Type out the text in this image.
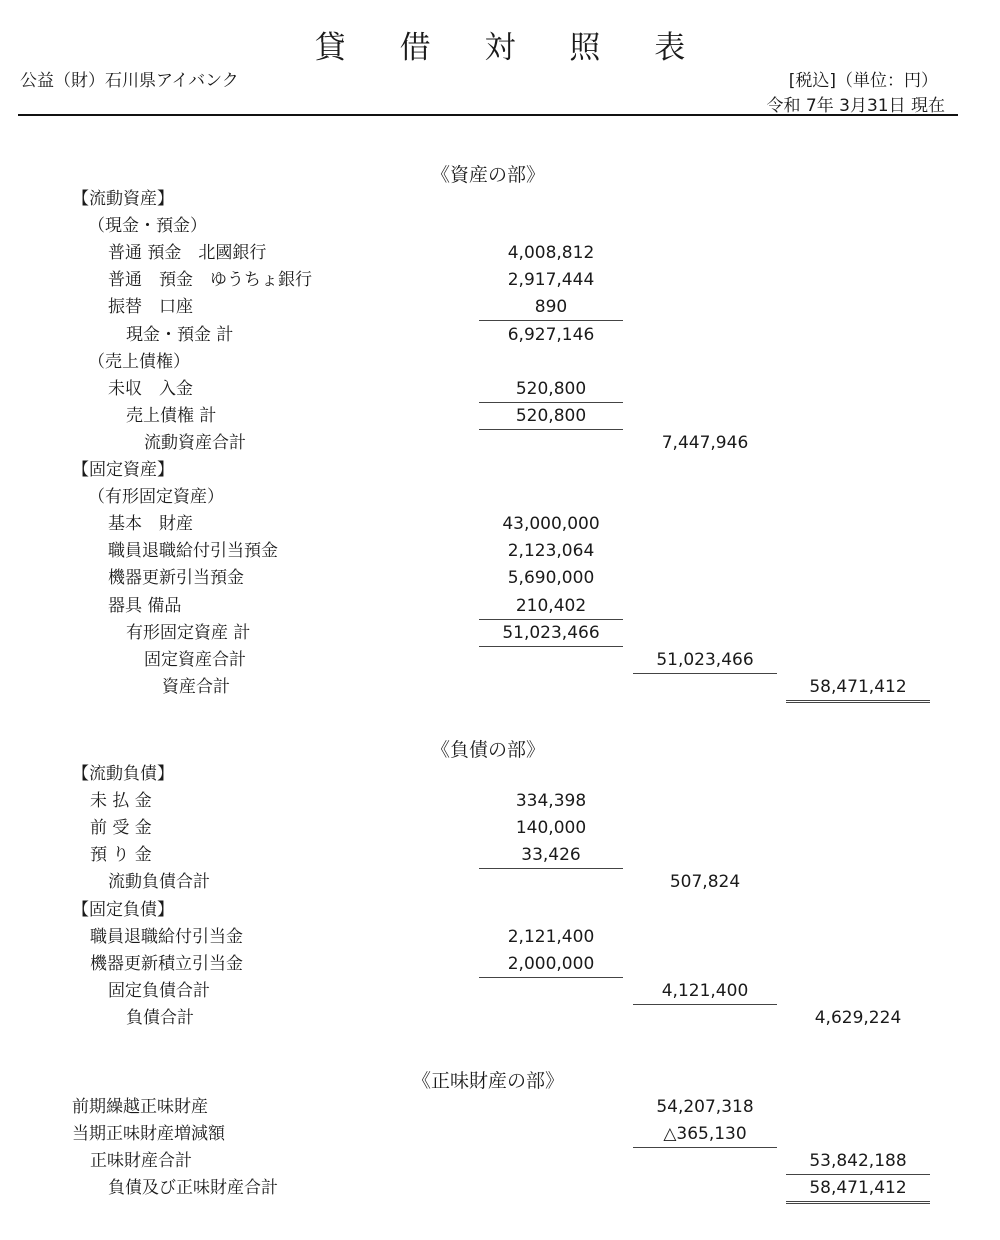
貸 借 対 照 表
公益（財）石川県アイバンク	[税込]（単位：円）
令和 7年 3月31日 現在
《資産の部》
【流動資産】
（現金・預金）
普通 預金　北國銀行	4,008,812
普通　預金　ゆうちょ銀行	2,917,444
振替　口座	890
現金・預金 計	6,927,146
（売上債権）
未収　入金	520,800
売上債権 計	520,800
流動資産合計	7,447,946
【固定資産】
（有形固定資産）
基本　財産	43,000,000
職員退職給付引当預金	2,123,064
機器更新引当預金	5,690,000
器具 備品	210,402
有形固定資産 計	51,023,466
固定資産合計	51,023,466
資産合計	58,471,412
《負債の部》
【流動負債】
未 払 金	334,398
前 受 金	140,000
預 り 金	33,426
流動負債合計	507,824
【固定負債】
職員退職給付引当金	2,121,400
機器更新積立引当金	2,000,000
固定負債合計	4,121,400
負債合計	4,629,224
《正味財産の部》
前期繰越正味財産	54,207,318
当期正味財産増減額	△365,130
正味財産合計	53,842,188
負債及び正味財産合計	58,471,412
